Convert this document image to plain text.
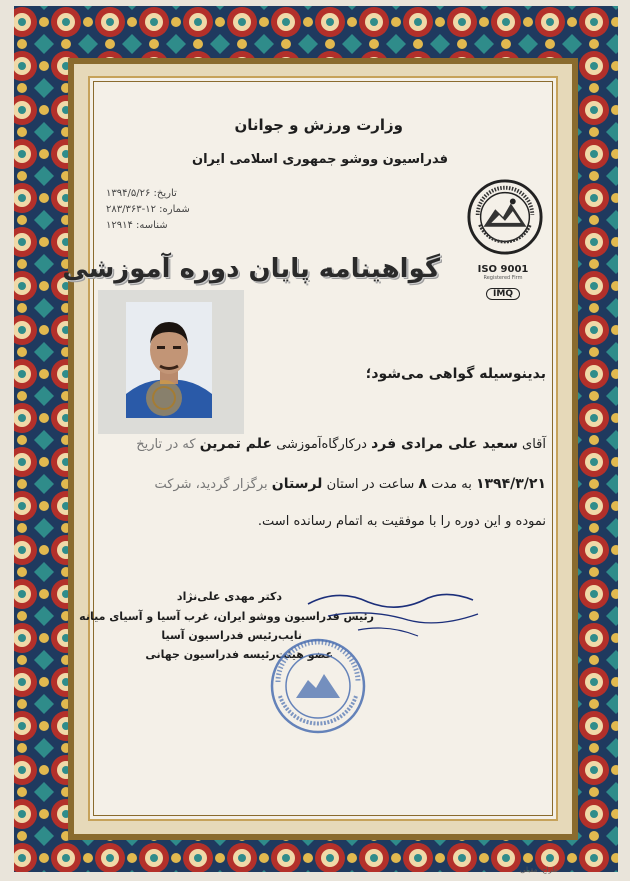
وزارت ورزش و جوانان
فدراسیون ووشو جمهوری اسلامی ایران
تاریخ: ۱۳۹۴/۵/۲۶
شماره: ۱۲-۲۸۳/۳۶۳
شناسه: ۱۲۹۱۴
ISO 9001
Registered Firm
IMQ
گواهینامه پایان دوره آموزشی
بدینوسیله گواهی می‌شود؛
آقای سعید علی مرادی فرد درکارگاه‌آموزشی علم تمرین که در تاریخ
۱۳۹۴/۳/۲۱ به مدت ۸ ساعت در استان لرستان برگزار گردید، شرکت
نموده و این دوره را با موفقیت به اتمام رسانده است.
دکتر مهدی علی‌نژاد
رئیس فدراسیون ووشو ایران، غرب آسیا و آسیای میانه
نایب‌رئیس فدراسیون آسیا
عضو هیئت‌رئیسه فدراسیون جهانی
طراح: مقبلی
